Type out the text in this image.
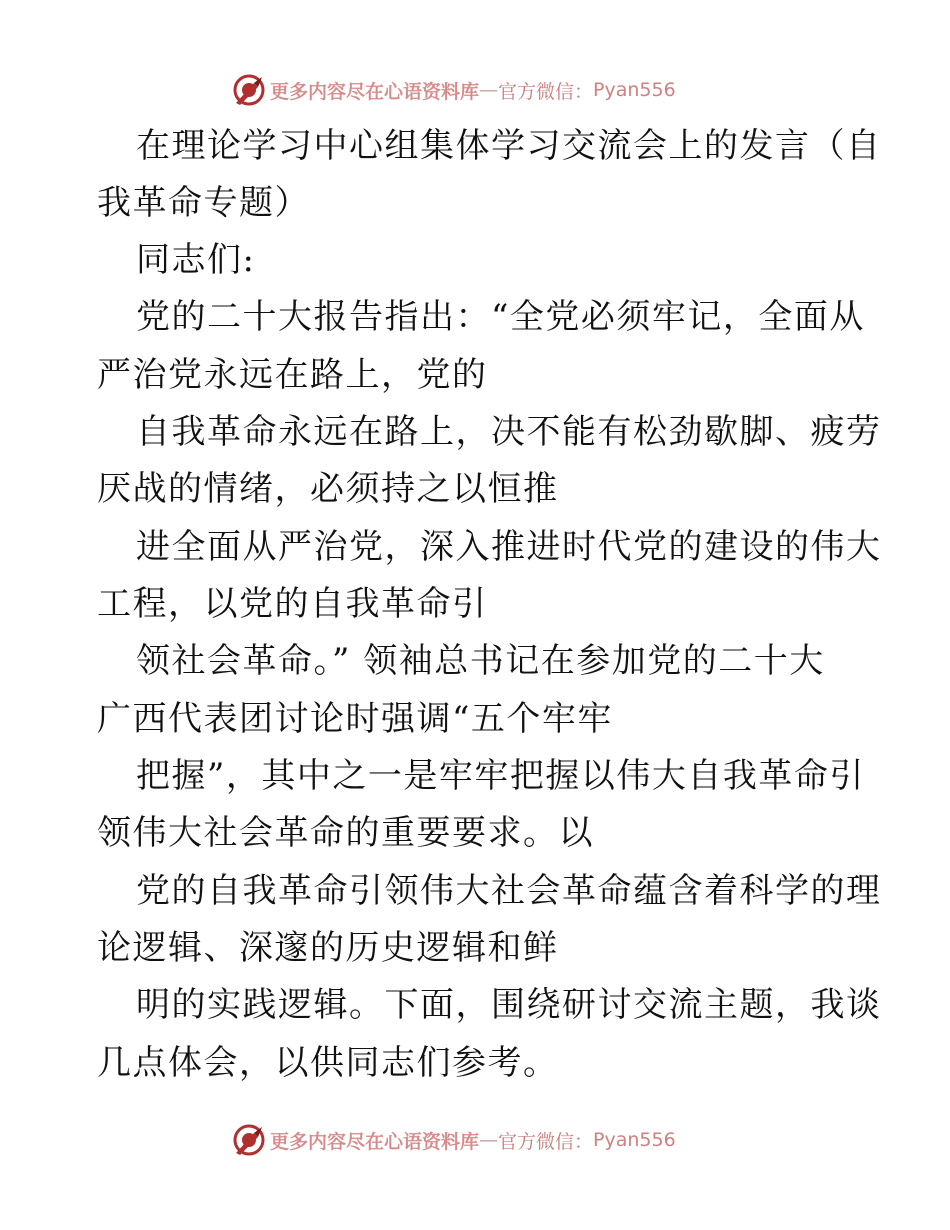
更多内容尽在心语资料库 — 官方微信： Pyan556
在理论学习中心组集体学习交流会上的发言（自
我革命专题）
同志们:
党的二十大报告指出：“全党必须牢记，全面从
严治党永远在路上，党的
自我革命永远在路上，决不能有松劲歇脚、疲劳
厌战的情绪，必须持之以恒推
进全面从严治党，深入推进时代党的建设的伟大
工程，以党的自我革命引
领社会革命。” 领袖总书记在参加党的二十大
广西代表团讨论时强调“五个牢牢
把握”，其中之一是牢牢把握以伟大自我革命引
领伟大社会革命的重要要求。以
党的自我革命引领伟大社会革命蕴含着科学的理
论逻辑、深邃的历史逻辑和鲜
明的实践逻辑。下面，围绕研讨交流主题，我谈
几点体会，以供同志们参考。
更多内容尽在心语资料库 — 官方微信： Pyan556
